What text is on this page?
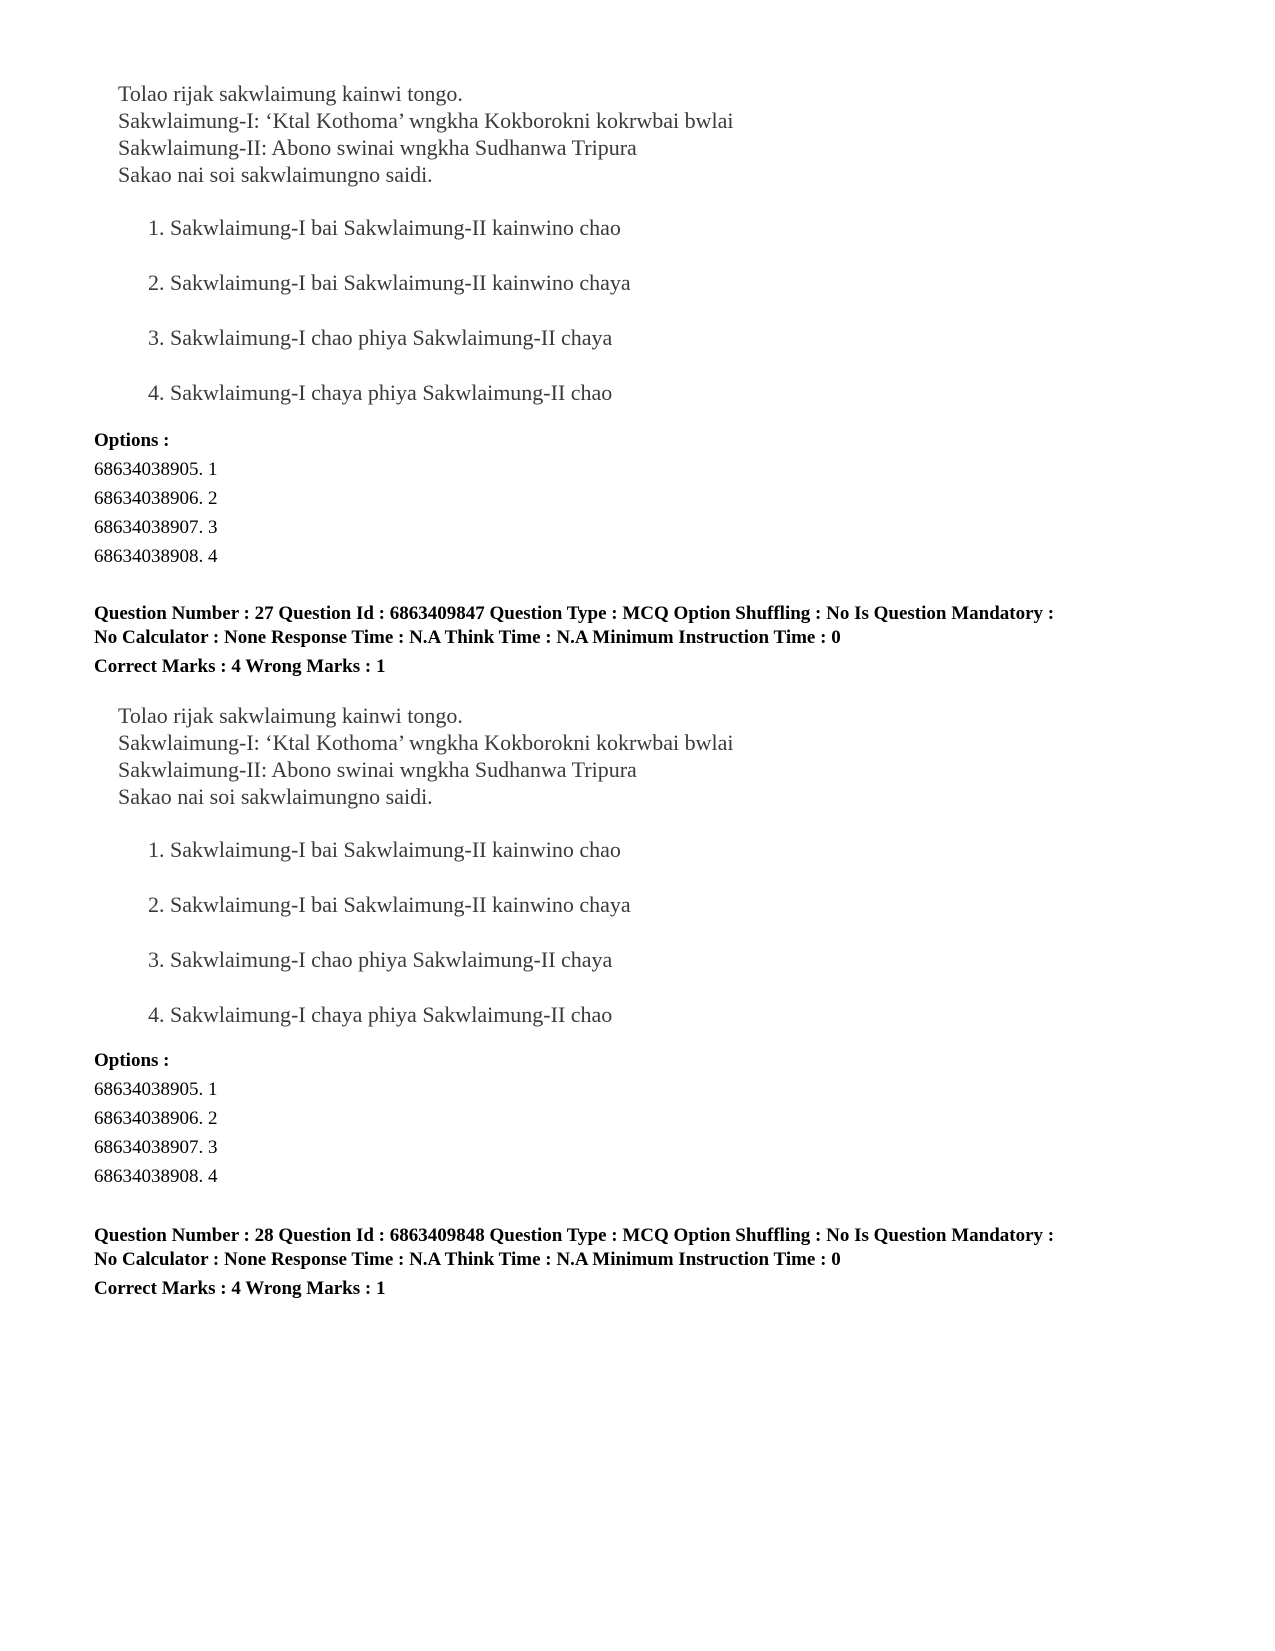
Tolao rijak sakwlaimung kainwi tongo.
Sakwlaimung-I: ‘Ktal Kothoma’ wngkha Kokborokni kokrwbai bwlai
Sakwlaimung-II: Abono swinai wngkha Sudhanwa Tripura
Sakao nai soi sakwlaimungno saidi.
1. Sakwlaimung-I bai Sakwlaimung-II kainwino chao
2. Sakwlaimung-I bai Sakwlaimung-II kainwino chaya
3. Sakwlaimung-I chao phiya Sakwlaimung-II chaya
4. Sakwlaimung-I chaya phiya Sakwlaimung-II chao
Options :
68634038905. 1
68634038906. 2
68634038907. 3
68634038908. 4
Question Number : 27 Question Id : 6863409847 Question Type : MCQ Option Shuffling : No Is Question Mandatory :
No Calculator : None Response Time : N.A Think Time : N.A Minimum Instruction Time : 0
Correct Marks : 4 Wrong Marks : 1
Tolao rijak sakwlaimung kainwi tongo.
Sakwlaimung-I: ‘Ktal Kothoma’ wngkha Kokborokni kokrwbai bwlai
Sakwlaimung-II: Abono swinai wngkha Sudhanwa Tripura
Sakao nai soi sakwlaimungno saidi.
1. Sakwlaimung-I bai Sakwlaimung-II kainwino chao
2. Sakwlaimung-I bai Sakwlaimung-II kainwino chaya
3. Sakwlaimung-I chao phiya Sakwlaimung-II chaya
4. Sakwlaimung-I chaya phiya Sakwlaimung-II chao
Options :
68634038905. 1
68634038906. 2
68634038907. 3
68634038908. 4
Question Number : 28 Question Id : 6863409848 Question Type : MCQ Option Shuffling : No Is Question Mandatory :
No Calculator : None Response Time : N.A Think Time : N.A Minimum Instruction Time : 0
Correct Marks : 4 Wrong Marks : 1
